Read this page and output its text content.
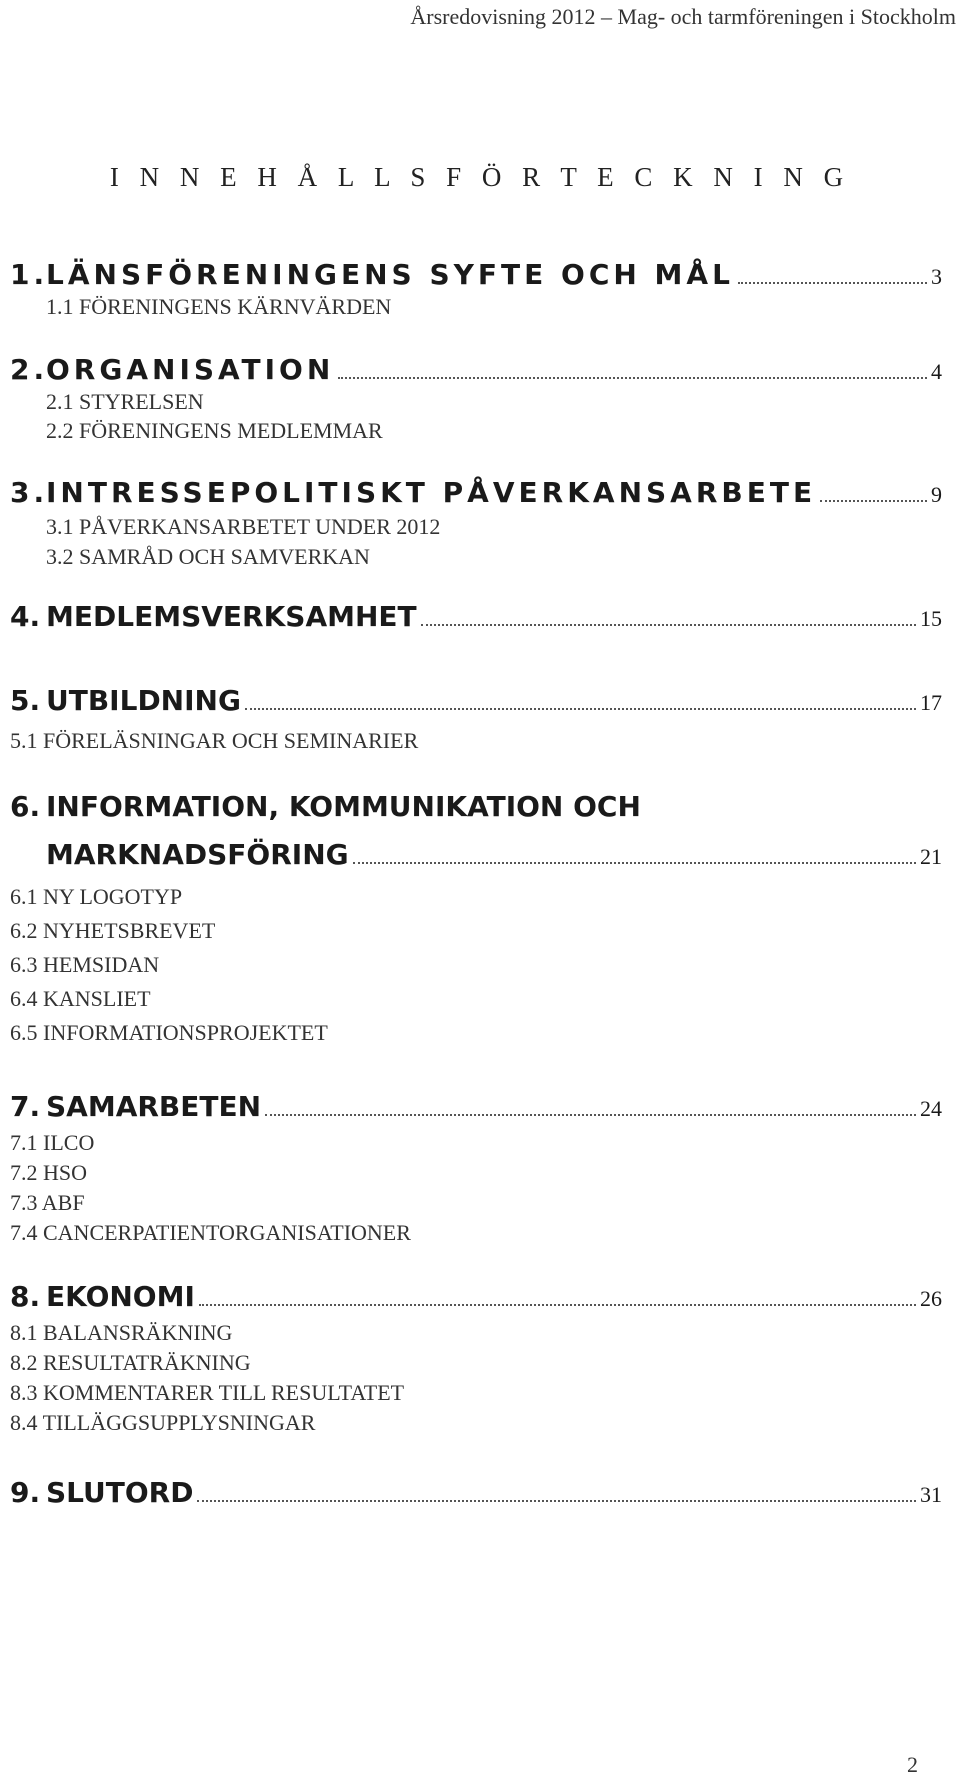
Årsredovisning 2012 – Mag- och tarmföreningen i Stockholm
I N N E H Å L L S F Ö R T E C K N I N G
1.
LÄNSFÖRENINGENS SYFTE OCH MÅL	3
1.1 FÖRENINGENS KÄRNVÄRDEN
2.
ORGANISATION	4
2.1 STYRELSEN
2.2 FÖRENINGENS MEDLEMMAR
3.
INTRESSEPOLITISKT PÅVERKANSARBETE	9
3.1 PÅVERKANSARBETET UNDER 2012
3.2 SAMRÅD OCH SAMVERKAN
4. MEDLEMSVERKSAMHET	15
5. UTBILDNING	17
5.1 FÖRELÄSNINGAR OCH SEMINARIER
6. INFORMATION, KOMMUNIKATION OCH
MARKNADSFÖRING	21
6.1 NY LOGOTYP
6.2 NYHETSBREVET
6.3 HEMSIDAN
6.4 KANSLIET
6.5 INFORMATIONSPROJEKTET
7. SAMARBETEN	24
7.1 ILCO
7.2 HSO
7.3 ABF
7.4 CANCERPATIENTORGANISATIONER
8. EKONOMI	26
8.1 BALANSRÄKNING
8.2 RESULTATRÄKNING
8.3 KOMMENTARER TILL RESULTATET
8.4 TILLÄGGSUPPLYSNINGAR
9. SLUTORD	31
2
